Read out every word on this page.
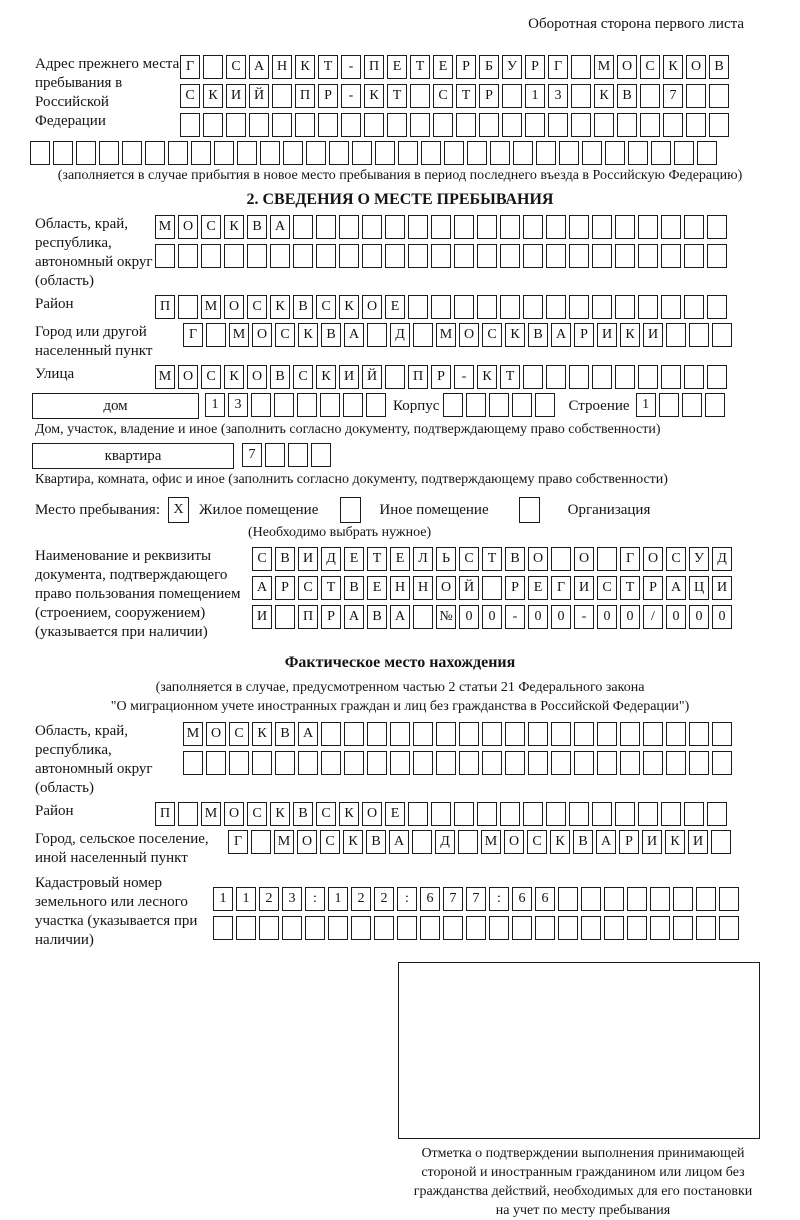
Оборотная сторона первого листа
Адрес прежнего места пребывания в Российской Федерации
Г	С А Н К	Т	-	П Е	Т	Е	Р	Б	У	Р	Г	М О С К О В
С К И Й	П	Р	-	К	Т	С	Т	Р	1	3	К В	7
(заполняется в случае прибытия в новое место пребывания в период последнего въезда в Российскую Федерацию)
2. СВЕДЕНИЯ О МЕСТЕ ПРЕБЫВАНИЯ
Область, край, республика, автономный округ (область)
М О С К В А
Район	П	М О С К В С К О Е
Город или другой населенный пункт
Г	М О С К В А	Д	М О С К В А	Р	И К И
Улица	М О С К О В С К И Й	П	Р	-	К	Т
дом	1	3	Корпус	Строение 1
Дом, участок, владение и иное (заполнить согласно документу, подтверждающему право собственности)
квартира	7
Квартира, комната, офис и иное (заполнить согласно документу, подтверждающему право собственности)
Место пребывания: X	Жилое помещение	Иное помещение	Организация
(Необходимо выбрать нужное)
Наименование и реквизиты документа, подтверждающего право пользования помещением (строением, сооружением) (указывается при наличии)
С В И Д Е	Т	Е Л	Ь	С	Т	В О	О	Г О С У Д
А	Р	С	Т	В	Е Н Н О Й	Р	Е	Г И С	Т	Р	А Ц И
И	П	Р	А В А	№ 0	0	-	0	0	-	0	0	/	0	0	0
Фактическое место нахождения
(заполняется в случае, предусмотренном частью 2 статьи 21 Федерального закона
"О миграционном учете иностранных граждан и лиц без гражданства в Российской Федерации")
Область, край, республика, автономный округ (область)
М О С К В А
Район	П	М О С К В С К О Е
Город, сельское поселение, иной населенный пункт
Г	М О С К В А	Д	М О С К В А	Р	И К И
Кадастровый номер земельного или лесного участка (указывается при наличии)
1	1	2	3	:	1	2	2	:	6	7	7	:	6	6
Отметка о подтверждении выполнения принимающей
стороной и иностранным гражданином или лицом без
гражданства действий, необходимых для его постановки
на учет по месту пребывания
